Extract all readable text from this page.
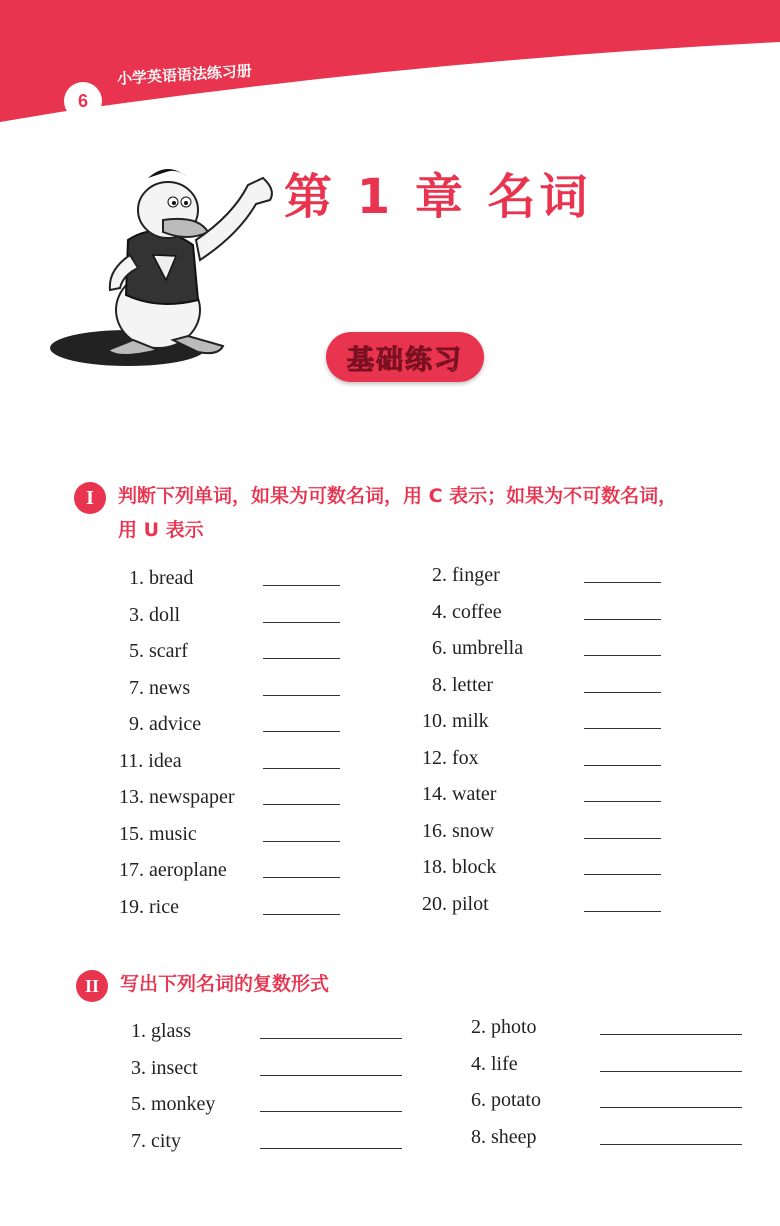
6
小学英语语法练习册
第 1 章 名词
基础练习
I	判断下列单词，如果为可数名词，用 C 表示；如果为不可数名词，
用 U 表示
1. bread	2. finger
3. doll	4. coffee
5. scarf	6. umbrella
7. news	8. letter
9. advice	10. milk
11. idea	12. fox
13. newspaper	14. water
15. music	16. snow
17. aeroplane	18. block
19. rice	20. pilot
II	写出下列名词的复数形式
1. glass	2. photo
3. insect	4. life
5. monkey	6. potato
7. city	8. sheep
